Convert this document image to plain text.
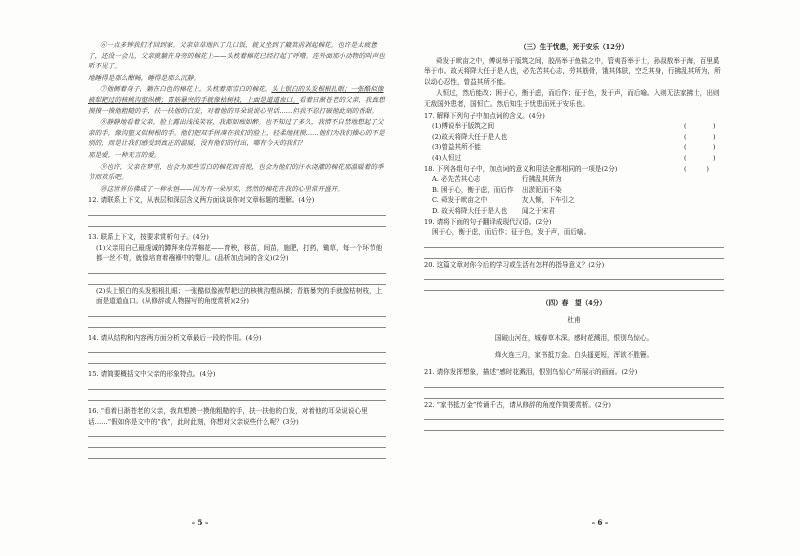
⑥一点多钟我们才回到家。父亲草草地扒了几口饭，就又坐到了簸箕前剥起棉花。也许是太疲惫了，还没一会儿，父亲就躺在身旁的棉花上——头枕着棉花已经打起了呼噜。连外面那小动物的叫声也听不见了。

地睡得是那么酣畅，睡得是那么沉静。

⑦他侧着身子，躺在白色的棉花上，头枕着那雪白的棉花。头上银白的头发根根扎眼；一张酷似像被犁耙过的核桃沟壑纵横；青筋暴突的手就像枯树枝，上面是道道血口。看着日渐苍老的父亲，我真想摸摸一摸他粗糙的手，扶一扶他的白发，对着他的耳朵说说心里话……但我不忍打破他此刻的香甜。

⑧静静地看着父亲，脸上露出浅浅笑容，我都如痴如醉。也不知过了多久，我情不自禁地想起了父亲的手，像沟壑又似树根的手。他们把双手拼凑在我们的脸上，轻柔地抚摸……他们为我们操心的不是别的，而是让我们感受到真正的温暖，没有他们的付出，哪有今天的我们？

那是爱，一种无言的爱。

⑨也许，父亲在梦里，也会为那些雪白的棉花而喜悦，也会为他们的汗水浇灌的棉花那温暖着的季节而欢乐吧。

⑩这世界仿佛成了一种永恒——因为有一朵厚实，然然的棉花在我的心里常开盛开。

12. 请联系上下文，从表层和深层含义两方面谈谈你对文章标题的理解。(4分)

13. 联系上下文，按要求赏析句子。(4分)

(1)父亲用自己最虔诚的蹲拜来侍弄棉花——育秧，移苗，间苗，施肥，打药，锄草，每一个环节他都一丝不苟，就像培育着襁褓中的婴儿。(品析加点词的含义)(2分)

(2)头上银白的头发根根扎眼；一张酷似像被犁耙过的核桃沟壑纵横；青筋暴突的手就像枯树枝，上面是道道血口。(从修辞或人物描写的角度赏析)(2分)

14. 请从结构和内容两方面分析文章最后一段的作用。(4分)

15. 请简要概括文中父亲的形象特点。(4分)

16. “看着日渐苍老的父亲，我真想摸一摸他粗糙的手，扶一扶他的白发，对着他的耳朵说说心里话……”假如你是文中的“我”，此时此刻，你想对父亲说些什么呢？(3分)

– 5 –

（三）生于忧患，死于安乐（12分）

舜发于畎亩之中，傅说举于版筑之间，胶鬲举于鱼盐之中，管夷吾举于士，孙叔敖举于海，百里奚举于市。故天将降大任于是人也，必先苦其心志，劳其筋骨，饿其体肤，空乏其身，行拂乱其所为，所以动心忍性，曾益其所不能。

人恒过，然后能改；困于心，衡于虑，而后作；征于色，发于声，而后喻。入则无法家拂士，出则无敌国外患者，国恒亡。然后知生于忧患而死于安乐也。

17. 解释下列句子中加点词的含义。(4分)

(1)傅说举于版筑之间	(　　　　)

(2)故天将降大任于是人也	(　　　　)

(3)曾益其所不能	(　　　　)

(4)人恒过	(　　　　)

18. 下列各组句子中，加点词的意义和用法全都相同的一项是(2分)	(　　　)

A. 必先苦其心志	行拂乱其所为
B. 困于心，衡于虑，而后作	出淤泥而不染
C. 舜发于畎亩之中	友人惭，下车引之
D. 故天将降大任于是人也	闻之于宋君

19. 请将下面的句子翻译成现代汉语。(2分)

困于心，衡于虑，而后作；征于色，发于声，而后喻。

20. 这篇文章对你今后的学习或生活有怎样的指导意义？(2分)

（四）春　望（4分）

杜甫

国破山河在，城春草木深。感时花溅泪，恨别鸟惊心。

烽火连三月，家书抵万金。白头搔更短，浑欲不胜簪。

21. 请你发挥想象，描述“感时花溅泪，恨别鸟惊心”所展示的画面。(2分)

22. “家书抵万金”传诵千古，请从修辞的角度作简要赏析。(2分)

– 6 –
